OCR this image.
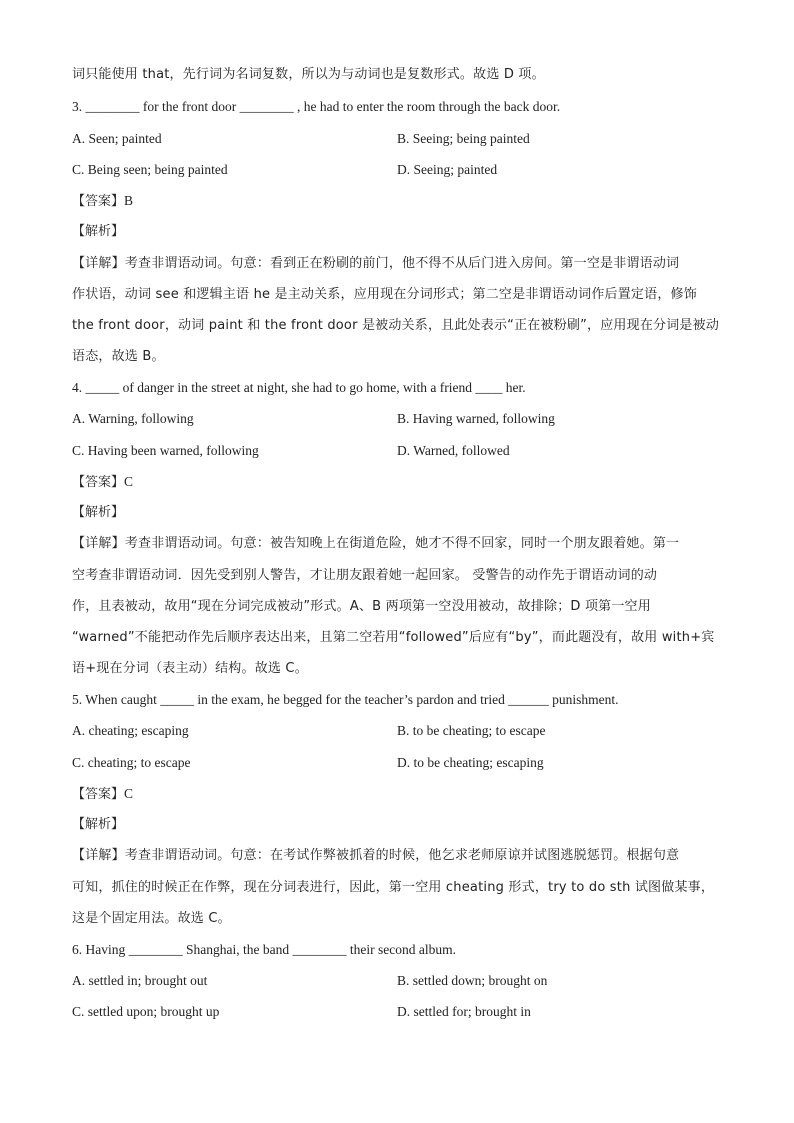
词只能使用 that，先行词为名词复数，所以为与动词也是复数形式。故选 D 项。
3. ________ for the front door ________ , he had to enter the room through the back door.
A. Seen; painted	B. Seeing; being painted
C. Being seen; being painted	D. Seeing; painted
【答案】B
【解析】
【详解】考查非谓语动词。句意：看到正在粉刷的前门，他不得不从后门进入房间。第一空是非谓语动词
作状语，动词 see 和逻辑主语 he 是主动关系，应用现在分词形式；第二空是非谓语动词作后置定语，修饰
the front door，动词 paint 和 the front door 是被动关系，且此处表示“正在被粉刷”，应用现在分词是被动
语态，故选 B。
4. _____ of danger in the street at night, she had to go home, with a friend ____ her.
A. Warning, following	B. Having warned, following
C. Having been warned, following	D. Warned, followed
【答案】C
【解析】
【详解】考查非谓语动词。句意：被告知晚上在街道危险，她才不得不回家，同时一个朋友跟着她。第一
空考查非谓语动词．因先受到别人警告，才让朋友跟着她一起回家。 受警告的动作先于谓语动词的动
作，且表被动，故用“现在分词完成被动”形式。A、B 两项第一空没用被动，故排除；D 项第一空用
“warned”不能把动作先后顺序表达出来，且第二空若用“followed”后应有“by”，而此题没有，故用 with+宾
语+现在分词（表主动）结构。故选 C。
5. When caught _____ in the exam, he begged for the teacher’s pardon and tried ______ punishment.
A. cheating; escaping	B. to be cheating; to escape
C. cheating; to escape	D. to be cheating; escaping
【答案】C
【解析】
【详解】考查非谓语动词。句意：在考试作弊被抓着的时候，他乞求老师原谅并试图逃脱惩罚。根据句意
可知，抓住的时候正在作弊，现在分词表进行，因此，第一空用 cheating 形式，try to do sth 试图做某事，
这是个固定用法。故选 C。
6. Having ________ Shanghai, the band ________ their second album.
A. settled in; brought out	B. settled down; brought on
C. settled upon; brought up	D. settled for; brought in
